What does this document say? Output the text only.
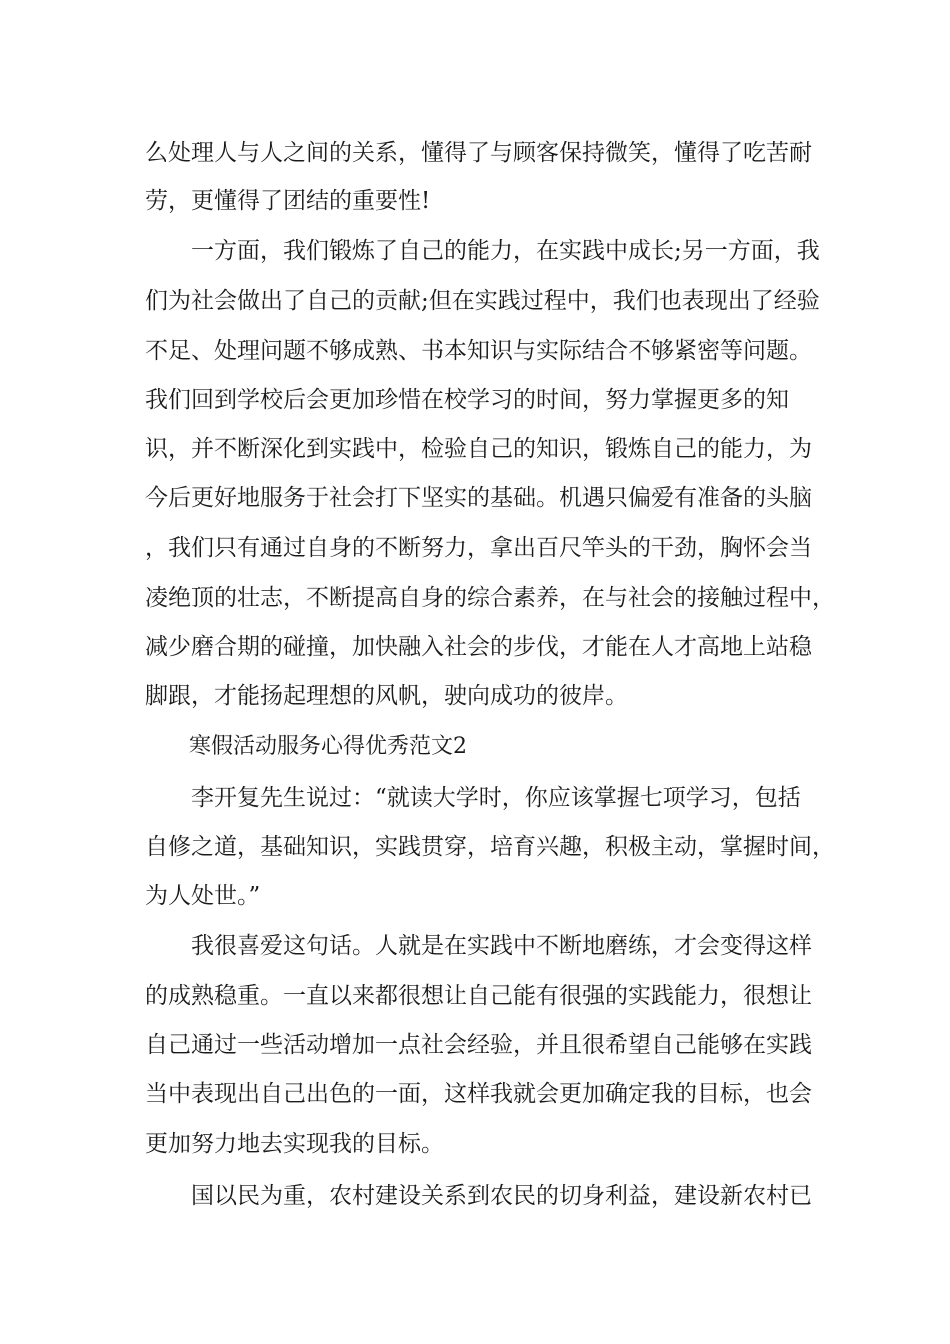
么处理人与人之间的关系，懂得了与顾客保持微笑，懂得了吃苦耐
劳，更懂得了团结的重要性!
　　一方面，我们锻炼了自己的能力，在实践中成长;另一方面，我
们为社会做出了自己的贡献;但在实践过程中，我们也表现出了经验
不足、处理问题不够成熟、书本知识与实际结合不够紧密等问题。
我们回到学校后会更加珍惜在校学习的时间，努力掌握更多的知
识，并不断深化到实践中，检验自己的知识，锻炼自己的能力，为
今后更好地服务于社会打下坚实的基础。机遇只偏爱有准备的头脑
，我们只有通过自身的不断努力，拿出百尺竿头的干劲，胸怀会当
凌绝顶的壮志，不断提高自身的综合素养，在与社会的接触过程中，
减少磨合期的碰撞，加快融入社会的步伐，才能在人才高地上站稳
脚跟，才能扬起理想的风帆，驶向成功的彼岸。
　　寒假活动服务心得优秀范文2
　　李开复先生说过：“就读大学时，你应该掌握七项学习，包括
自修之道，基础知识，实践贯穿，培育兴趣，积极主动，掌握时间，
为人处世。”
　　我很喜爱这句话。人就是在实践中不断地磨练，才会变得这样
的成熟稳重。一直以来都很想让自己能有很强的实践能力，很想让
自己通过一些活动增加一点社会经验，并且很希望自己能够在实践
当中表现出自己出色的一面，这样我就会更加确定我的目标，也会
更加努力地去实现我的目标。
　　国以民为重，农村建设关系到农民的切身利益，建设新农村已
